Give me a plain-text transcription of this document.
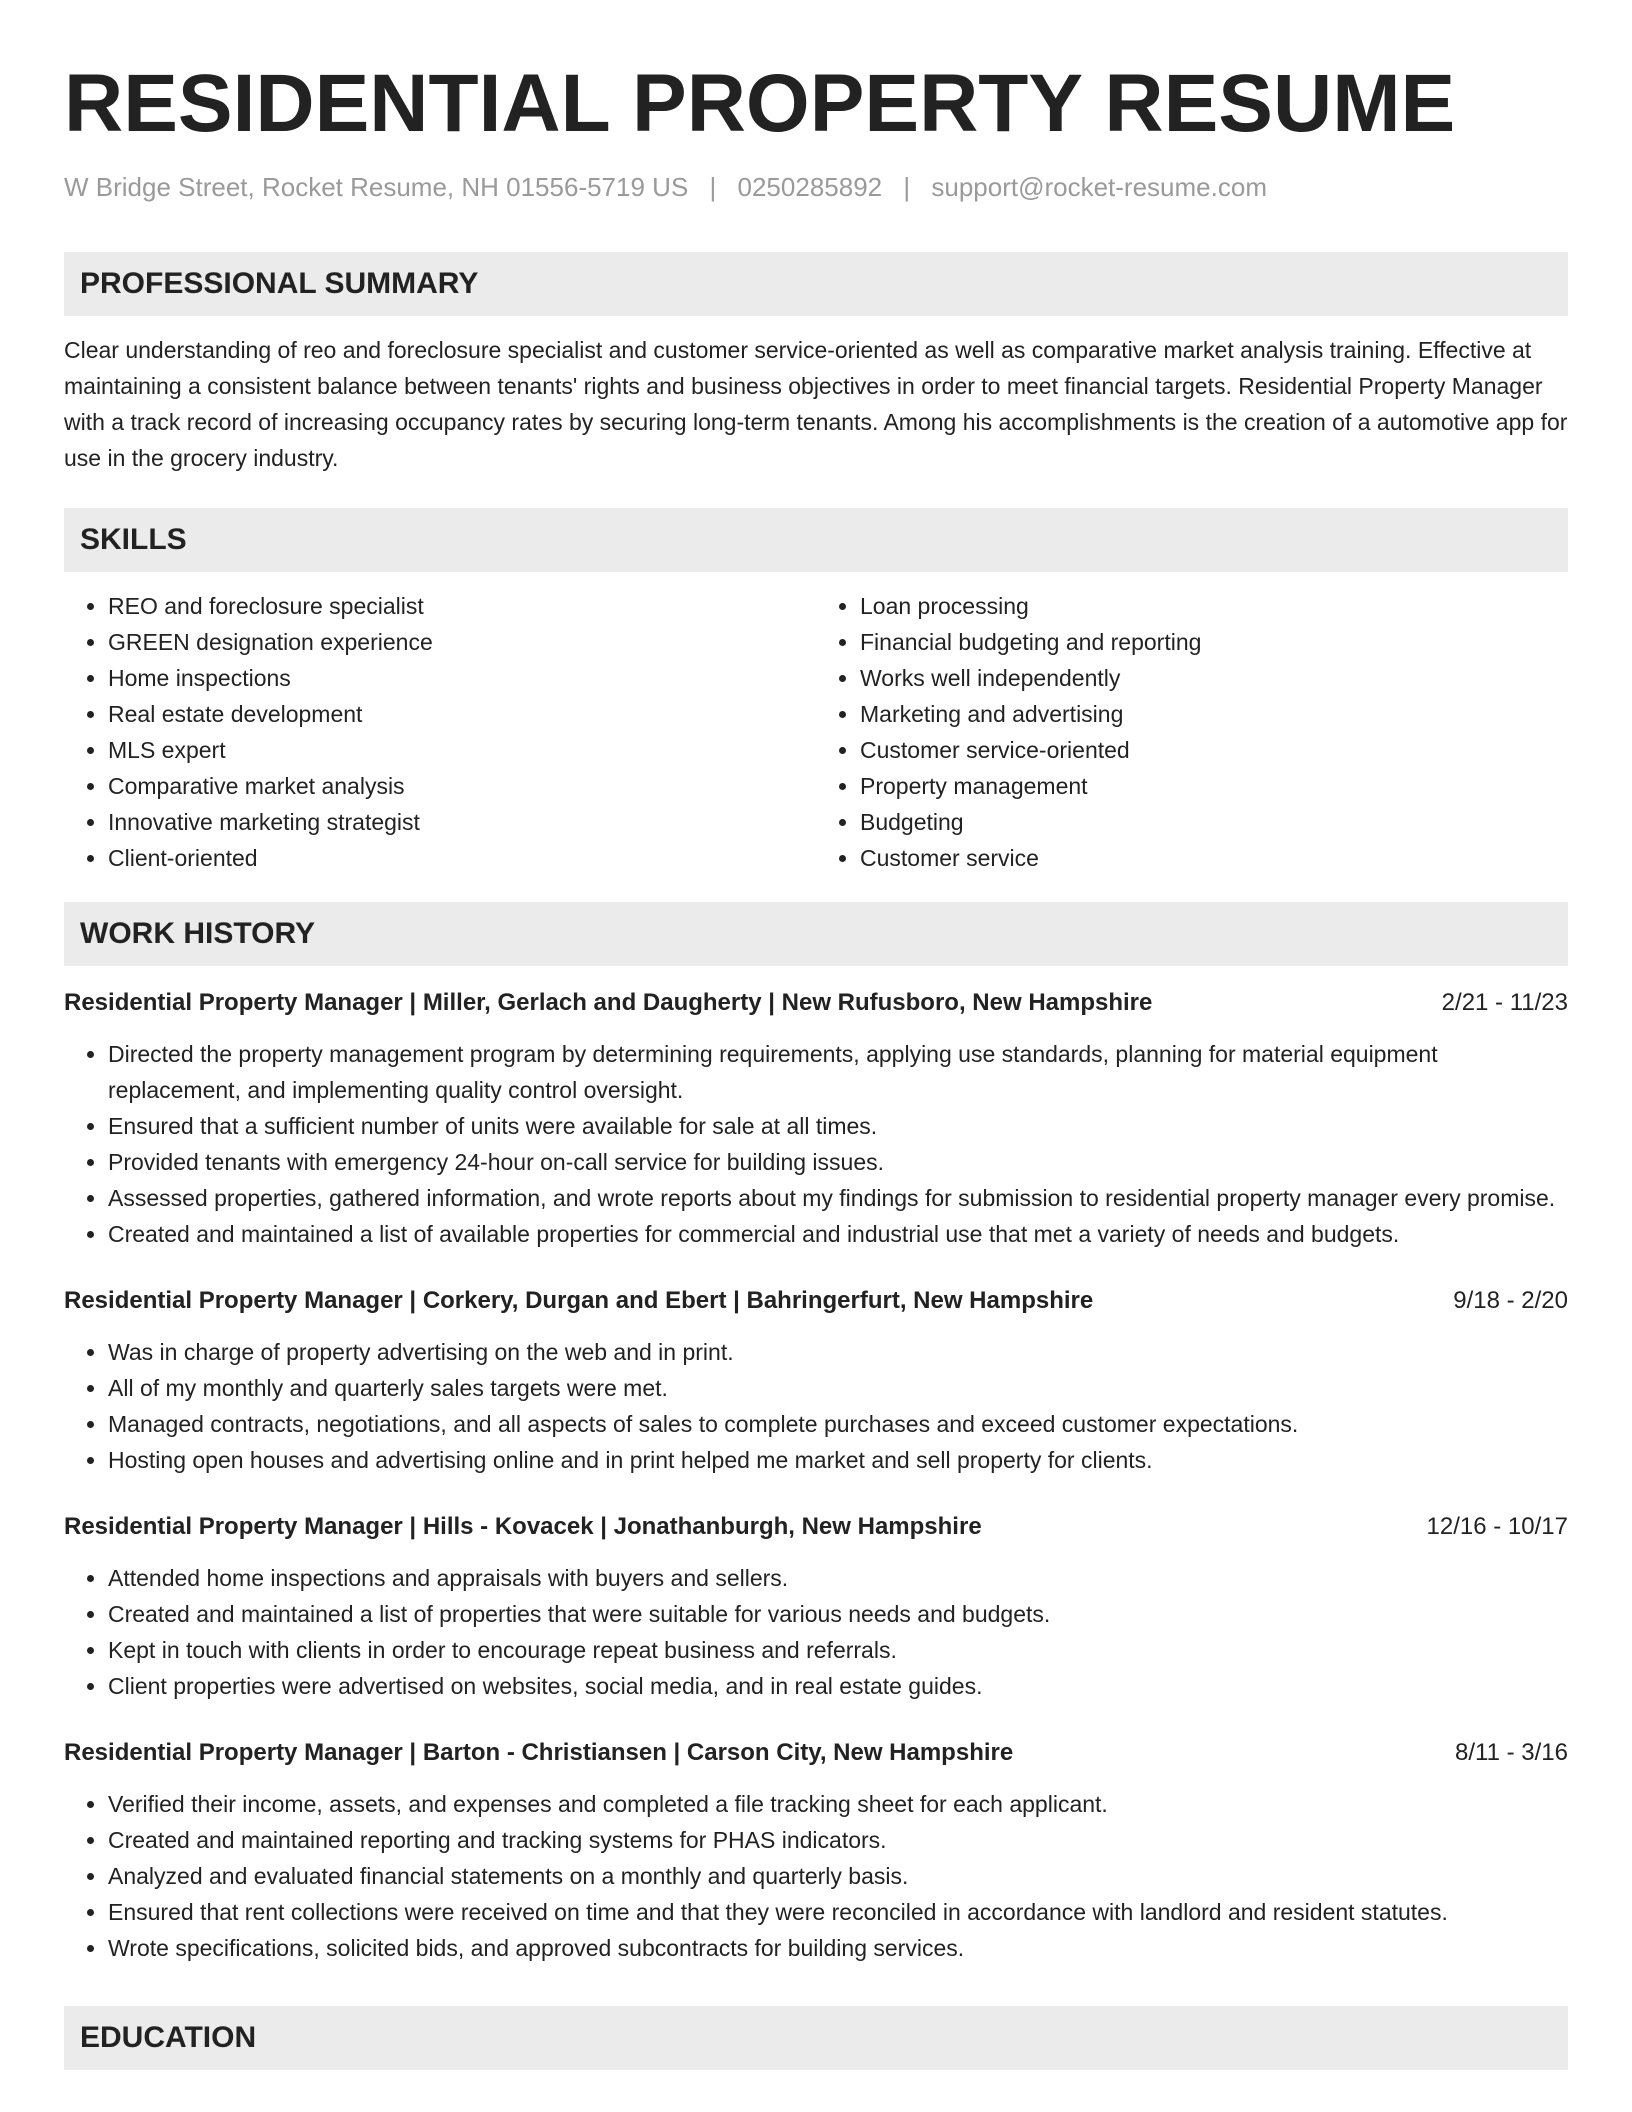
RESIDENTIAL PROPERTY RESUME
W Bridge Street, Rocket Resume, NH 01556-5719 US | 0250285892 | support@rocket-resume.com
PROFESSIONAL SUMMARY

Clear understanding of reo and foreclosure specialist and customer service-oriented as well as comparative market analysis training. Effective at maintaining a consistent balance between tenants' rights and business objectives in order to meet financial targets. Residential Property Manager with a track record of increasing occupancy rates by securing long-term tenants. Among his accomplishments is the creation of a automotive app for use in the grocery industry.

SKILLS
• REO and foreclosure specialist
• GREEN designation experience
• Home inspections
• Real estate development
• MLS expert
• Comparative market analysis
• Innovative marketing strategist
• Client-oriented
• Loan processing
• Financial budgeting and reporting
• Works well independently
• Marketing and advertising
• Customer service-oriented
• Property management
• Budgeting
• Customer service
WORK HISTORY
Residential Property Manager | Miller, Gerlach and Daugherty | New Rufusboro, New Hampshire	2/21 - 11/23
• Directed the property management program by determining requirements, applying use standards, planning for material equipment replacement, and implementing quality control oversight.
• Ensured that a sufficient number of units were available for sale at all times.
• Provided tenants with emergency 24-hour on-call service for building issues.
• Assessed properties, gathered information, and wrote reports about my findings for submission to residential property manager every promise.
• Created and maintained a list of available properties for commercial and industrial use that met a variety of needs and budgets.
Residential Property Manager | Corkery, Durgan and Ebert | Bahringerfurt, New Hampshire	9/18 - 2/20
• Was in charge of property advertising on the web and in print.
• All of my monthly and quarterly sales targets were met.
• Managed contracts, negotiations, and all aspects of sales to complete purchases and exceed customer expectations.
• Hosting open houses and advertising online and in print helped me market and sell property for clients.
Residential Property Manager | Hills - Kovacek | Jonathanburgh, New Hampshire	12/16 - 10/17
• Attended home inspections and appraisals with buyers and sellers.
• Created and maintained a list of properties that were suitable for various needs and budgets.
• Kept in touch with clients in order to encourage repeat business and referrals.
• Client properties were advertised on websites, social media, and in real estate guides.
Residential Property Manager | Barton - Christiansen | Carson City, New Hampshire	8/11 - 3/16
• Verified their income, assets, and expenses and completed a file tracking sheet for each applicant.
• Created and maintained reporting and tracking systems for PHAS indicators.
• Analyzed and evaluated financial statements on a monthly and quarterly basis.
• Ensured that rent collections were received on time and that they were reconciled in accordance with landlord and resident statutes.
• Wrote specifications, solicited bids, and approved subcontracts for building services.
EDUCATION
